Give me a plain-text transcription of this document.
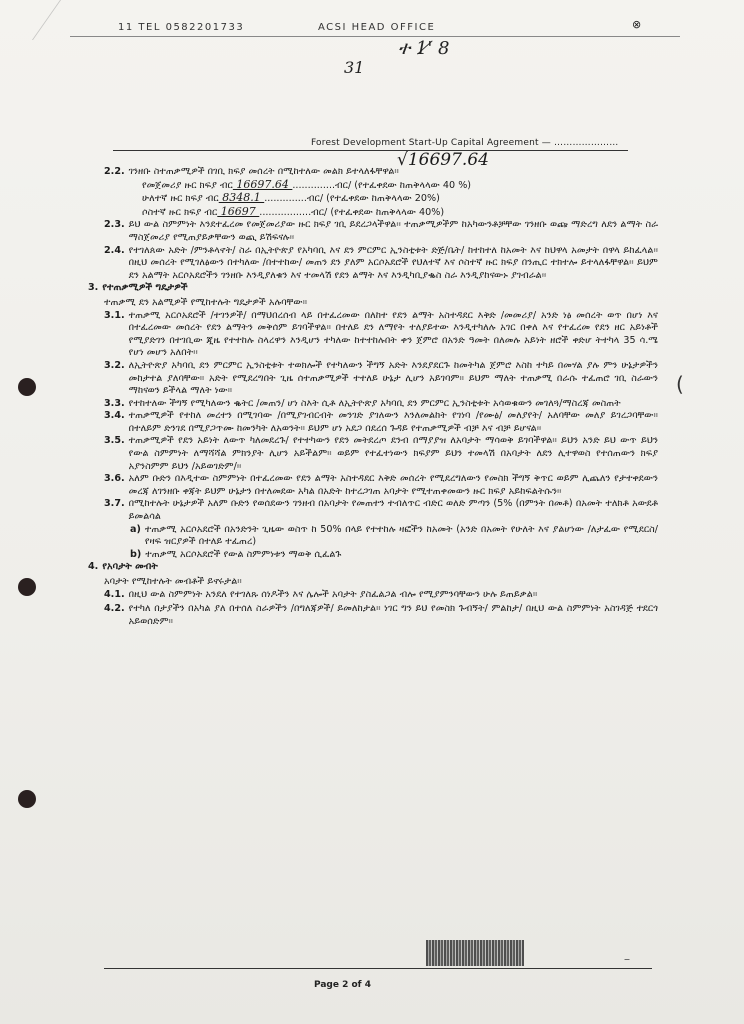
11 TEL 0582201733	ACSI HEAD OFFICE	⊗
ተ 1'̸ 8
31
Forest Development Start-Up Capital Agreement — …………………
√16697.64
(
2.2. ገንዘቡ ስተጠቃሚዎች በገቢ ክፍያ መሰረት በሚከተለው መልክ ይተላለፋቸዋል።
የመጀመሪያ ዙር ክፍያ ብር 16697.64 ..............ብር/ (የተፈቀደው ከጠቅላላው 40 %)
ሁለተኛ ዙር ክፍያ ብር 8348.1 ..............ብር/ (የተፈቀደው ከጠቅላላው 20%)
ሶስተኛ ዙር ክፍያ ብር 16697 .................ብር/ (የተፈቀደው ከጠቅላላው 40%)
2.3. ይህ ውል ስምምነት እንደተፈረመ የመጀመሪያው ዙር ክፍያ ገቢ ይደረጋላችዋል፡፡ ተጠቃሚዎችም ከአካውንቶቻቸው ገንዘቡ ወጩ ማድረግ ለደን ልማት ስራ ማስጀመሪያ የሚጠያይቃቸውን ወጪ ይሽፍናሉ፡፡
2.4. የተገለጰው አድት /ምንቶላኖት/ ስራ በኢትዮጵያ የአካባቢ እና ደን ምርምር ኢንስቲቱት ድጅ/ቤት/ ከተከተለ ከአመት እና ከህዋላ አመታት በዋላ ይከፈላል፡፡ በዚህ መሰረት የሚገለፅውን በተካለው /በተተከው/ መጠን ደን ያለም አርሶአደሮች የህለተኛ እና ሶስተኛ ዙር ክፍያ በንጢር ተክተሎ ይተላለፋቸዋል፡፡ ይህም ደን አልማት አርሶአደሮችን ገንዘቡ እንዲያለቁን እና ተመላሽ የደን ልማት እና እንዲካቢያቈስ ስራ እንዲያከናውኑ ያገብራል፡፡
3. የተጠቃሚዎች ግዴታዎች
ተጠቃሚ ደን አልሚዎች የሚከተሉት ግዴታዎች አሉባቸው።
3.1. ተጠቃሚ አርሶአደሮች /ተገንዎች/ በማህበረሰብ ላይ በተፈረመው በለከተ የደን ልማት አስተዳደር እቅድ /መመሪያ/ አንድ ነፅ መሰረት ወጥ በሆነ እና በተፈረመው መሰረት የደን ልማትን መቅሰም ይገባችዋል። በተለይ ደን ለማየት ተለያይተው እንዲተካለሉ አገር በቀለ እና የተፈረመ የደን ዘር አይነቶች የሚያድገን በተገቢው ጂዜ የተተከሉ ስላረዋን እንዲሆን ተካለው ከተተከሉበት ቀን ጀምሮ በአንድ ዓመት በለመሉ አይነት ዘሮች ቀድሆ ትተካላ 35 ሳ.ሜ የሆነ መሆን አለበት፡፡
3.2. ለኢትዮጵያ አካባቢ ደን ምርምር ኢንስቲቱት ተወክሎች የተካለውን ችግኝ አድት እንደያደርጉ ከመትካል ጀምሮ እስከ ተካይ በመሃል ያሉ ምን ሁኔታዎችን መከታተል ያለባቸው። አድት የሚደረግበት ጊዜ ሰተጠቃሚዎች ተተለይ ሁኔታ ሊሆን አይገባም። ይህም ማለት ተጠቃሚ በራሱ ተፈጠሮ ገቢ ስራውን ማከናወን ይችላል ማለት ነው።
3.3. የተከተለው ችግኝ የሚካለውን ቈትር /መጠን/ ሆነ ስእት ሲቶ ለኢትዮጵያ አካባቢ ደን ምርምር ኢንስቲቱት አሳወቁውን መገለጓ/ማስረጃ መስጠት
3.4. ተጠቃሚዎች የተከለ መረተን በሚገባው /በሚያገብርብት መንገድ ያገለውን እንለመልከት የገነባ /የሙፅ/ መለያየት/ አለባቸው መለያ ይገረጋባቸው። በተለይም ድንገደ በሚያጋጥሙ ከመንካት ለአወንት። ይህም ሆነ አደጋ በደረሰ ጉዳይ የተጠቃሚዎች ብቻ እና ብቻ ይሆናል፡፡
3.5. ተጠቃሚዎች የደን አይነት ለውጥ ካለመደረጉ/ የተተካውን የደን መትደረጦ ደንብ በማያያዝ ለአባታት ማሳወቅ ይገባችዋል። ይህን አንድ ይህ ውጥ ይህን የውል ስምምነት ለማሻሻል ምክንያት ሊሆን አይችልም። ወይም የተፈተነውን ክፍያም ይህን ተመላሽ በአባታት ለደን ሊተዋወስ የተሰጠውን ክፍያ አያንስምም ይህን /አይወገድም/፡፡
3.6. አለም ቡድን በእዲተው ስምምነት በተፈረመው የደን ልማት አስተዳደር እቅድ መሰረት የሚደረግለውን የመስክ ችግኝ ቅጥር ወይም ሊጨለን የታተቀደውን መረጃ ለገንዘቡ ቀጃት ይህም ሁኔታን በተለመደው አካል በአድት ከተረጋገጠ አባታት የሚተጠቀመውን ዙር ክፍያ አይከፍልትሱን፡፡
3.7. በሚከተሉት ሁኔታዎች አለም ቡድን የወሰደውን ገንዘብ በአባታት የመጠተን ተብለጥር ብድር ወለድ ምጣን (5% (በምንት በመቶ) በአመት ተለክቶ አውደቶ ይመልሳል
a) ተጠቃሚ አርሶአደሮች በአንድንት ጊዜው ወስጥ ከ 50% በላይ የተተከሉ ዛፎችን ከአመት (አንድ በአመት የሁለት እና ያልሆነው /ለታፈው የሚደርስ/ የዛፍ ዝርያዎች በተለይ ተፈጠረ)
b) ተጠቃሚ አርሶአደሮች የውል ስምምነቱን ማወቅ ሲፈልጉ
4. የአባታት መብት
አባታት የሚከተሉት መብቶች ይኖሩታል።
4.1. በዚህ ውል ስምምነት አንደለ የተገለጹ ሰነዶችን እና ሌሎች አባታት ያስፈልጋል ብሎ የሚያምንባቸውን ሁሉ ይጠይቃል።
4.2. የተካለ በታያችን በአካል ያለ በተሰለ ስራዎችን /በግለጃዎች/ ይመለከታል። ነገር ግን ይህ የመስክ ጉብኝት/ ምልከታ/ በዚህ ውል ስምምነት አስገዳጅ ተደርጎ አይወሰድም።
–
Page 2 of 4
